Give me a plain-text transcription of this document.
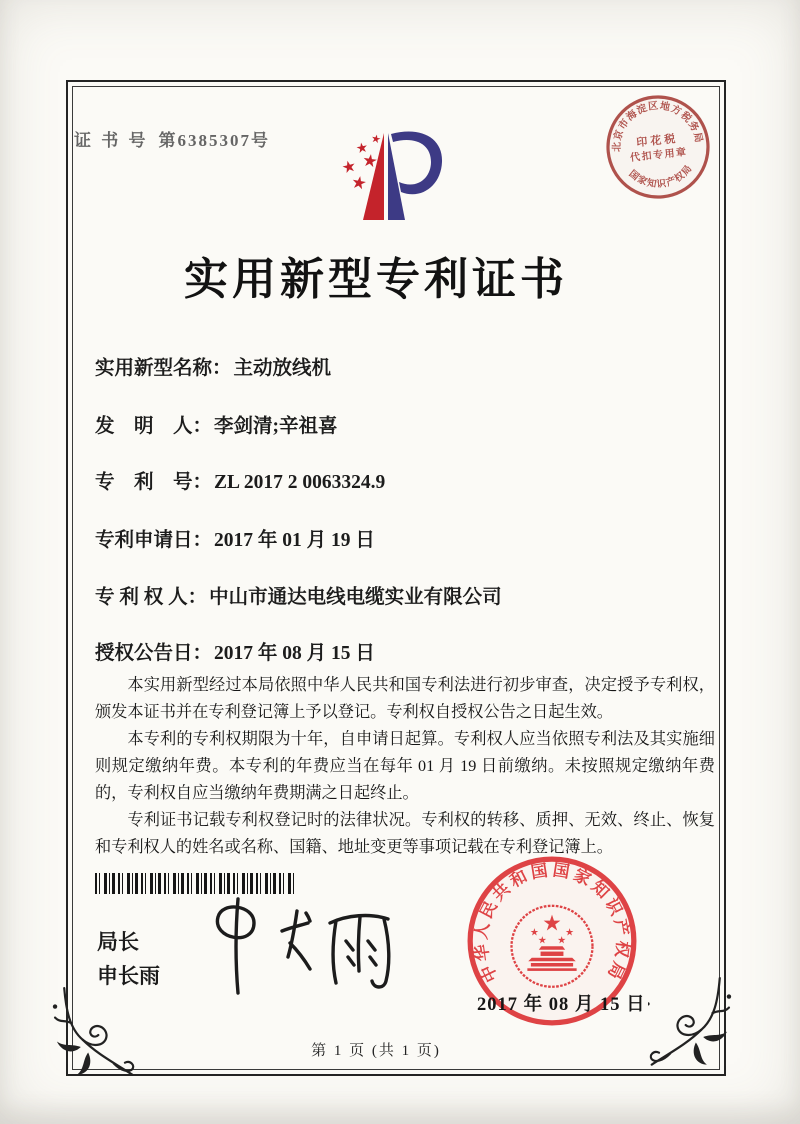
证 书 号 第6385307号
实用新型专利证书
实用新型名称： 主动放线机
发　明　人： 李剑清;辛祖喜
专　利　号： ZL 2017 2 0063324.9
专利申请日： 2017 年 01 月 19 日
专 利 权 人： 中山市通达电线电缆实业有限公司
授权公告日： 2017 年 08 月 15 日

本实用新型经过本局依照中华人民共和国专利法进行初步审查，决定授予专利权，颁发本证书并在专利登记簿上予以登记。专利权自授权公告之日起生效。

本专利的专利权期限为十年，自申请日起算。专利权人应当依照专利法及其实施细则规定缴纳年费。本专利的年费应当在每年 01 月 19 日前缴纳。未按照规定缴纳年费的，专利权自应当缴纳年费期满之日起终止。

专利证书记载专利权登记时的法律状况。专利权的转移、质押、无效、终止、恢复和专利权人的姓名或名称、国籍、地址变更等事项记载在专利登记簿上。

局长
申长雨	中华人民共和国国家知识产权局
2017 年 08 月 15 日
北京市海淀区地方税务局
国家知识产权局
印花税
代扣专用章
第 1 页 (共 1 页)
